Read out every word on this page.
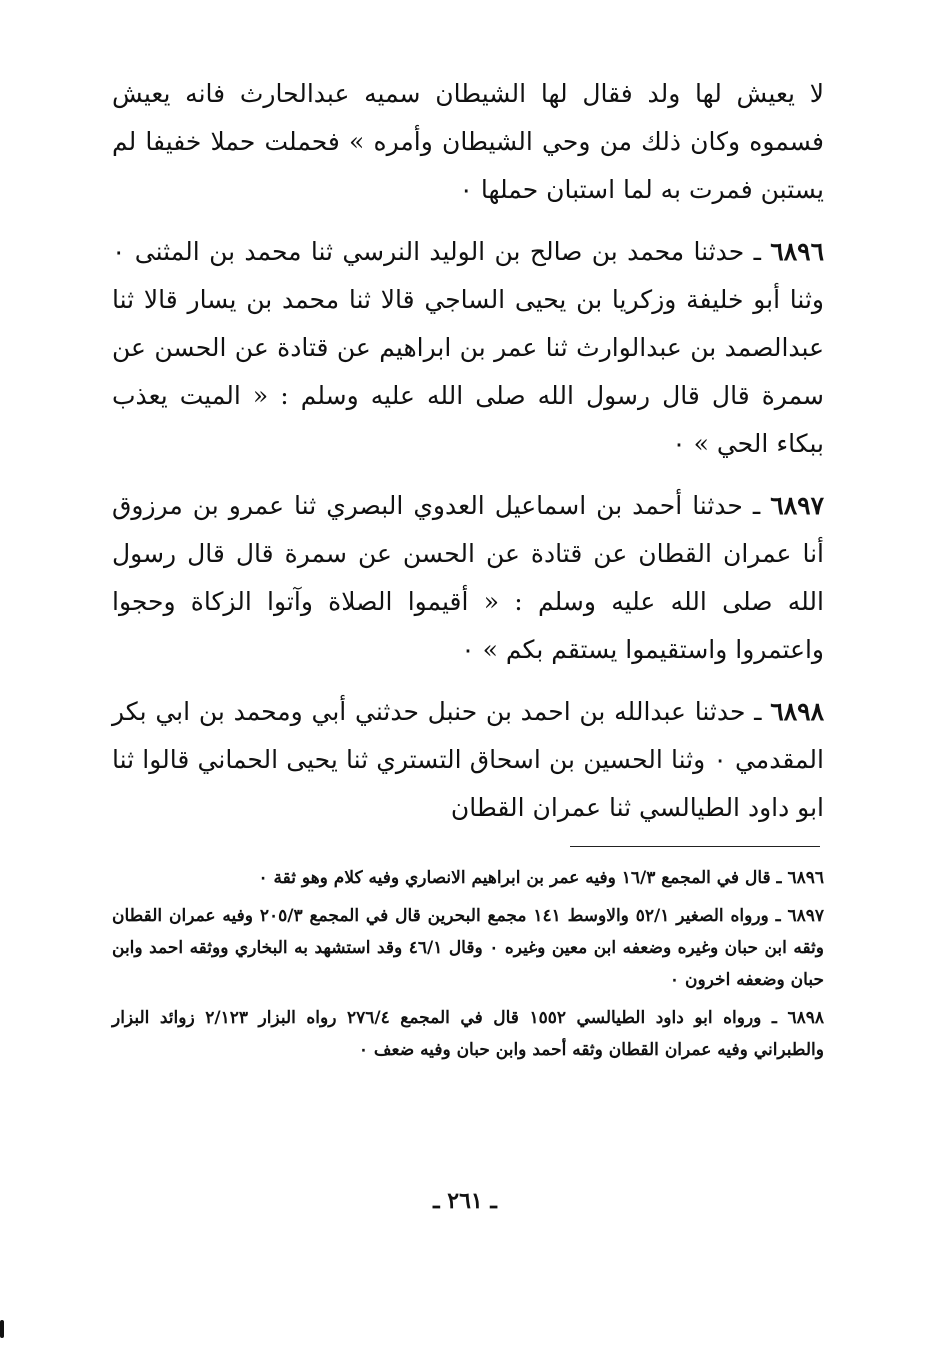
لا يعيش لها ولد فقال لها الشيطان سميه عبدالحارث فانه يعيش فسموه وكان ذلك من وحي الشيطان وأمره » فحملت حملا خفيفا لم يستبن فمرت به لما استبان حملها ٠

٦٨٩٦ ـ حدثنا محمد بن صالح بن الوليد النرسي ثنا محمد بن المثنى ٠ وثنا أبو خليفة وزكريا بن يحيى الساجي قالا ثنا محمد بن يسار قالا ثنا عبدالصمد بن عبدالوارث ثنا عمر بن ابراهيم عن قتادة عن الحسن عن سمرة قال قال رسول الله صلى الله عليه وسلم : « الميت يعذب ببكاء الحي » ٠

٦٨٩٧ ـ حدثنا أحمد بن اسماعيل العدوي البصري ثنا عمرو بن مرزوق أنا عمران القطان عن قتادة عن الحسن عن سمرة قال قال رسول الله صلى الله عليه وسلم : « أقيموا الصلاة وآتوا الزكاة وحجوا واعتمروا واستقيموا يستقم بكم » ٠

٦٨٩٨ ـ حدثنا عبدالله بن احمد بن حنبل حدثني أبي ومحمد بن ابي بكر المقدمي ٠ وثنا الحسين بن اسحاق التستري ثنا يحيى الحماني قالوا ثنا ابو داود الطيالسي ثنا عمران القطان

٦٨٩٦ ـ قال في المجمع ١٦/٣ وفيه عمر بن ابراهيم الانصاري وفيه كلام وهو ثقة ٠

٦٨٩٧ ـ ورواه الصغير ٥٢/١ والاوسط ١٤١ مجمع البحرين قال في المجمع ٢٠٥/٣ وفيه عمران القطان وثقه ابن حبان وغيره وضعفه ابن معين وغيره ٠ وقال ٤٦/١ وقد استشهد به البخاري ووثقه احمد وابن حبان وضعفه اخرون ٠

٦٨٩٨ ـ ورواه ابو داود الطيالسي ١٥٥٢ قال في المجمع ٢٧٦/٤ رواه البزار ٢/١٢٣ زوائد البزار والطبراني وفيه عمران القطان وثقه أحمد وابن حبان وفيه ضعف ٠

ـ ٢٦١ ـ
